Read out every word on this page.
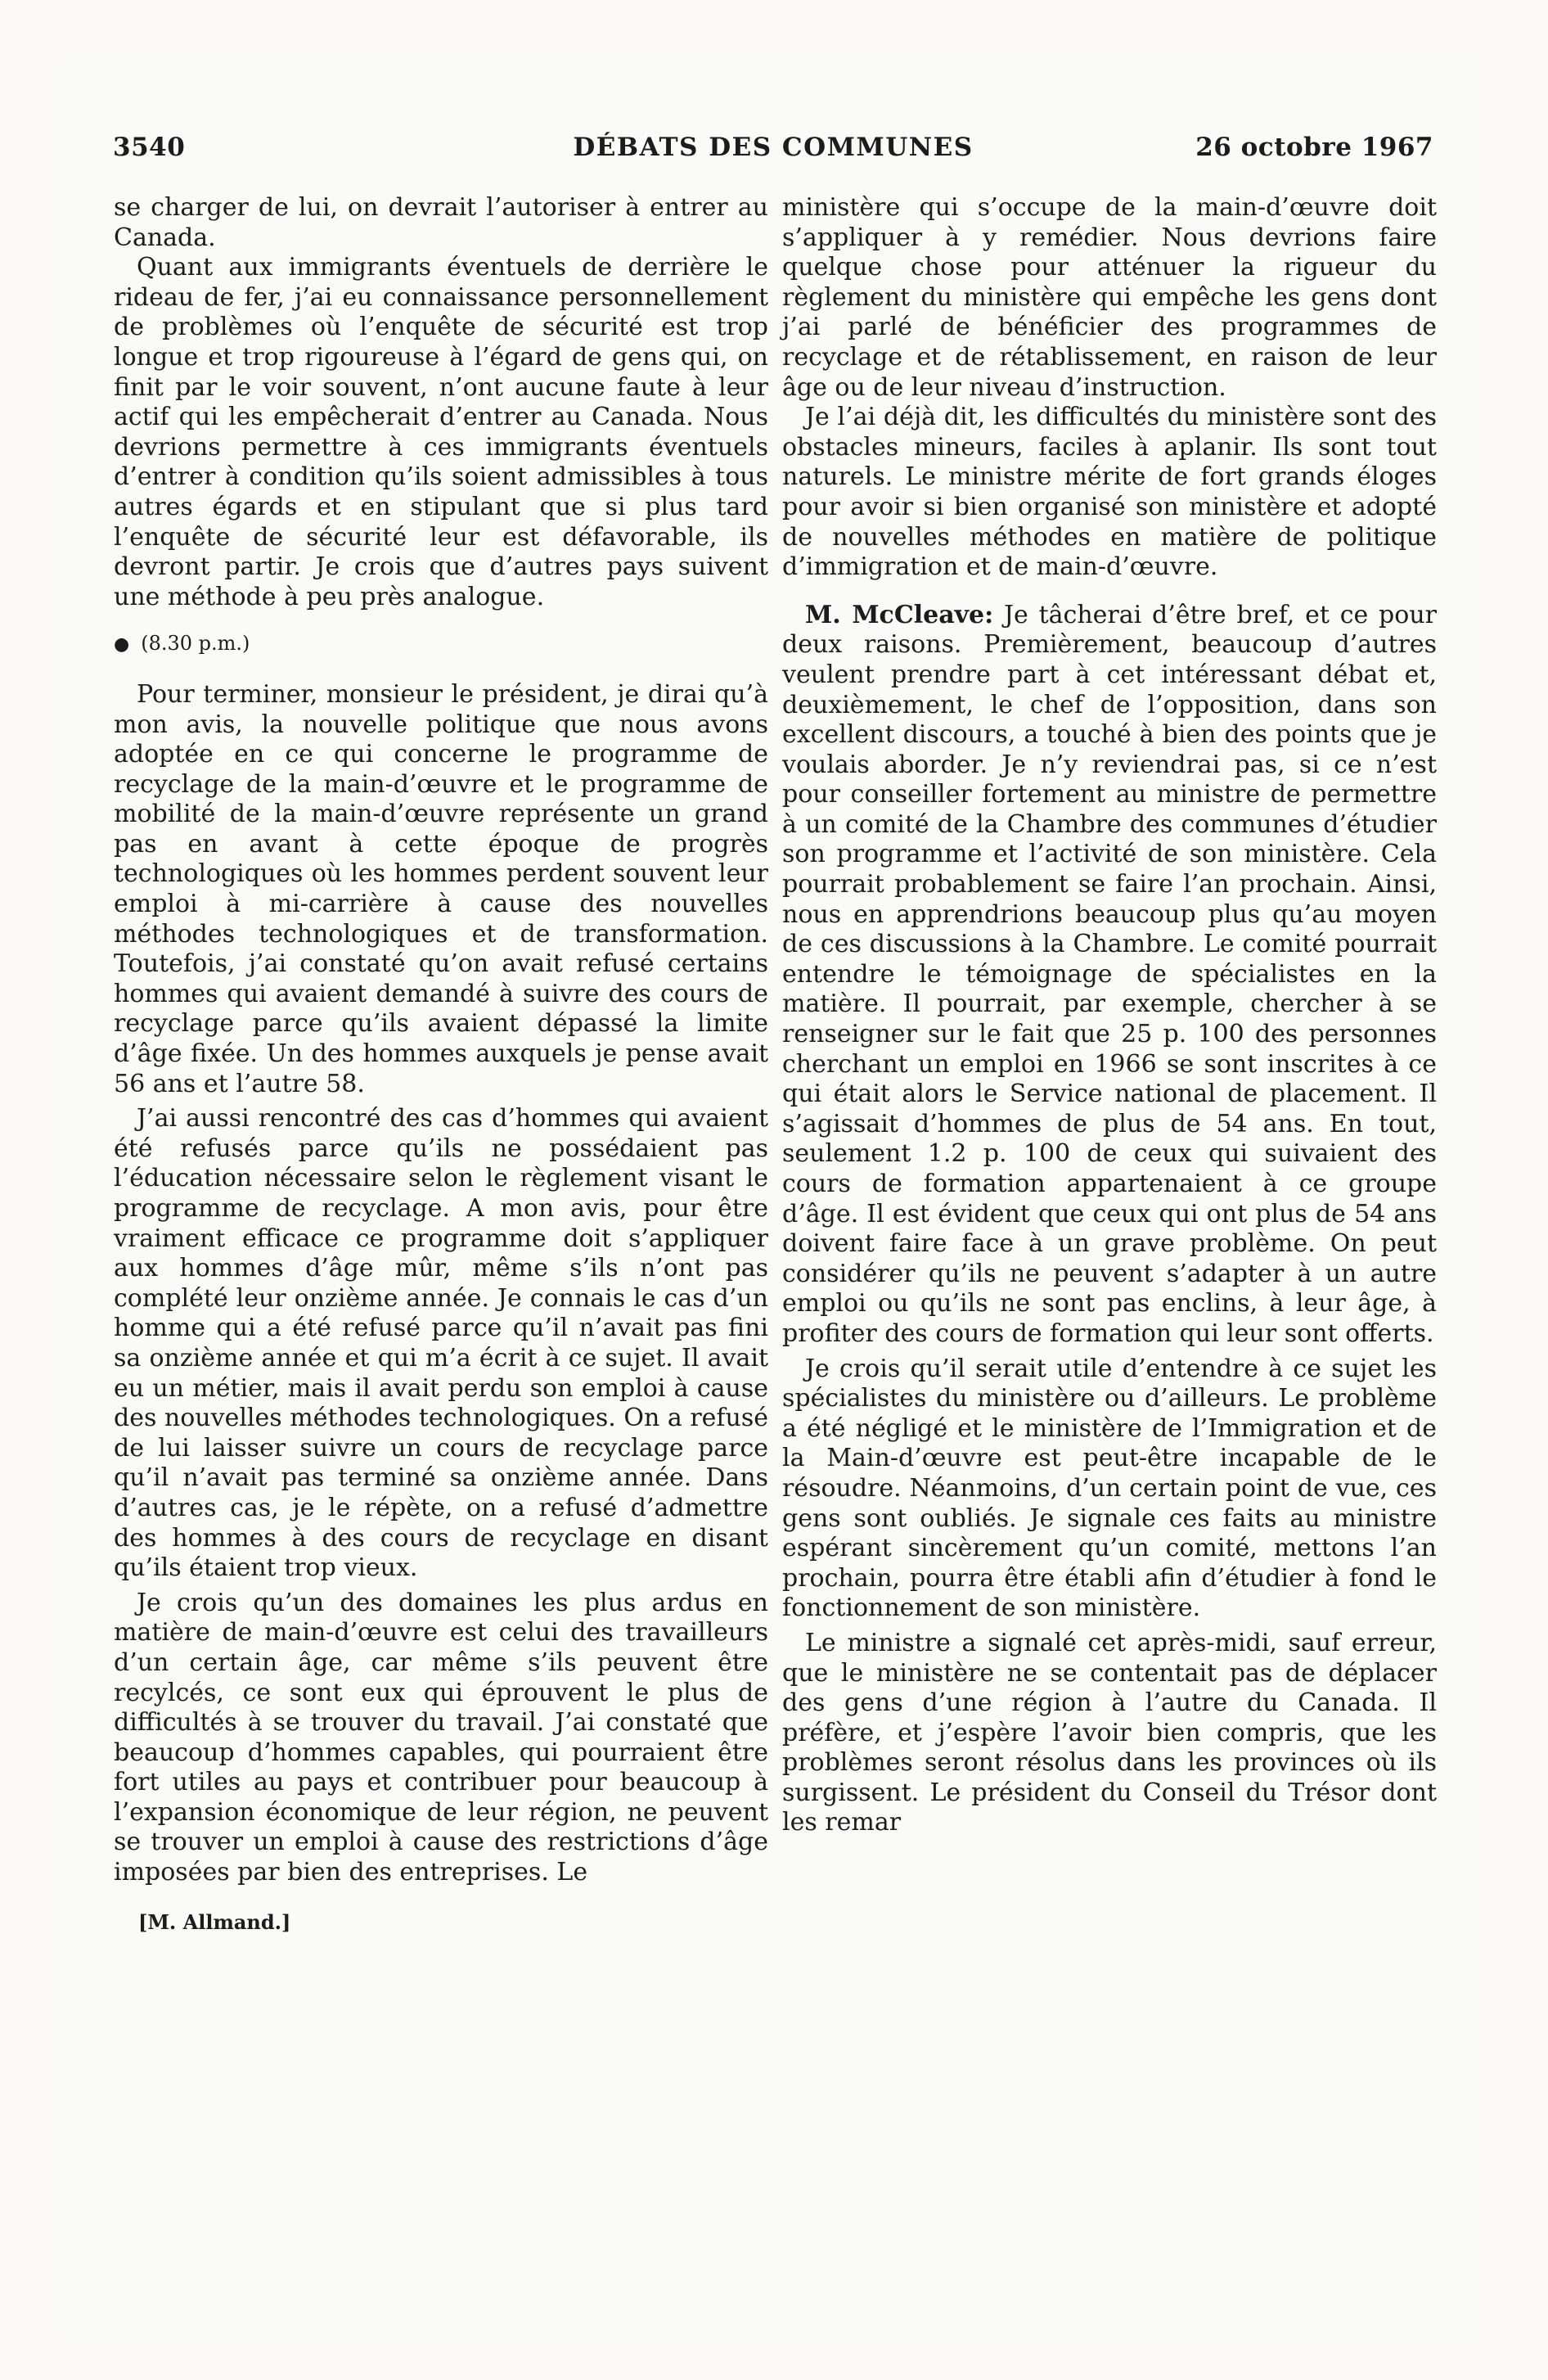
3540	DÉBATS DES COMMUNES	26 octobre 1967

se charger de lui, on devrait l’autoriser à entrer au Canada.

Quant aux immigrants éventuels de derrière le rideau de fer, j’ai eu connaissance personnellement de problèmes où l’enquête de sécurité est trop longue et trop rigoureuse à l’égard de gens qui, on finit par le voir souvent, n’ont aucune faute à leur actif qui les empêcherait d’entrer au Canada. Nous devrions permettre à ces immigrants éventuels d’entrer à condition qu’ils soient admissibles à tous autres égards et en stipulant que si plus tard l’enquête de sécurité leur est défavorable, ils devront partir. Je crois que d’autres pays suivent une méthode à peu près analogue.

● (8.30 p.m.)

Pour terminer, monsieur le président, je dirai qu’à mon avis, la nouvelle politique que nous avons adoptée en ce qui concerne le programme de recyclage de la main-d’œuvre et le programme de mobilité de la main-d’œuvre représente un grand pas en avant à cette époque de progrès technologiques où les hommes perdent souvent leur emploi à mi-carrière à cause des nouvelles méthodes technologiques et de transformation. Toutefois, j’ai constaté qu’on avait refusé certains hommes qui avaient demandé à suivre des cours de recyclage parce qu’ils avaient dépassé la limite d’âge fixée. Un des hommes auxquels je pense avait 56 ans et l’autre 58.

J’ai aussi rencontré des cas d’hommes qui avaient été refusés parce qu’ils ne possédaient pas l’éducation nécessaire selon le règlement visant le programme de recyclage. A mon avis, pour être vraiment efficace ce programme doit s’appliquer aux hommes d’âge mûr, même s’ils n’ont pas complété leur onzième année. Je connais le cas d’un homme qui a été refusé parce qu’il n’avait pas fini sa onzième année et qui m’a écrit à ce sujet. Il avait eu un métier, mais il avait perdu son emploi à cause des nouvelles méthodes technologiques. On a refusé de lui laisser suivre un cours de recyclage parce qu’il n’avait pas terminé sa onzième année. Dans d’autres cas, je le répète, on a refusé d’admettre des hommes à des cours de recyclage en disant qu’ils étaient trop vieux.

Je crois qu’un des domaines les plus ardus en matière de main-d’œuvre est celui des travailleurs d’un certain âge, car même s’ils peuvent être recylcés, ce sont eux qui éprouvent le plus de difficultés à se trouver du travail. J’ai constaté que beaucoup d’hommes capables, qui pourraient être fort utiles au pays et contribuer pour beaucoup à l’expansion économique de leur région, ne peuvent se trouver un emploi à cause des restrictions d’âge imposées par bien des entreprises. Le

[M. Allmand.]

ministère qui s’occupe de la main-d’œuvre doit s’appliquer à y remédier. Nous devrions faire quelque chose pour atténuer la rigueur du règlement du ministère qui empêche les gens dont j’ai parlé de bénéficier des programmes de recyclage et de rétablissement, en raison de leur âge ou de leur niveau d’instruction.

Je l’ai déjà dit, les difficultés du ministère sont des obstacles mineurs, faciles à aplanir. Ils sont tout naturels. Le ministre mérite de fort grands éloges pour avoir si bien organisé son ministère et adopté de nouvelles méthodes en matière de politique d’immigration et de main-d’œuvre.

M. McCleave: Je tâcherai d’être bref, et ce pour deux raisons. Premièrement, beaucoup d’autres veulent prendre part à cet intéressant débat et, deuxièmement, le chef de l’opposition, dans son excellent discours, a touché à bien des points que je voulais aborder. Je n’y reviendrai pas, si ce n’est pour conseiller fortement au ministre de permettre à un comité de la Chambre des communes d’étudier son programme et l’activité de son ministère. Cela pourrait probablement se faire l’an prochain. Ainsi, nous en apprendrions beaucoup plus qu’au moyen de ces discussions à la Chambre. Le comité pourrait entendre le témoignage de spécialistes en la matière. Il pourrait, par exemple, chercher à se renseigner sur le fait que 25 p. 100 des personnes cherchant un emploi en 1966 se sont inscrites à ce qui était alors le Service national de placement. Il s’agissait d’hommes de plus de 54 ans. En tout, seulement 1.2 p. 100 de ceux qui suivaient des cours de formation appartenaient à ce groupe d’âge. Il est évident que ceux qui ont plus de 54 ans doivent faire face à un grave problème. On peut considérer qu’ils ne peuvent s’adapter à un autre emploi ou qu’ils ne sont pas enclins, à leur âge, à profiter des cours de formation qui leur sont offerts.

Je crois qu’il serait utile d’entendre à ce sujet les spécialistes du ministère ou d’ailleurs. Le problème a été négligé et le ministère de l’Immigration et de la Main-d’œuvre est peut-être incapable de le résoudre. Néanmoins, d’un certain point de vue, ces gens sont oubliés. Je signale ces faits au ministre espérant sincèrement qu’un comité, mettons l’an prochain, pourra être établi afin d’étudier à fond le fonctionnement de son ministère.

Le ministre a signalé cet après-midi, sauf erreur, que le ministère ne se contentait pas de déplacer des gens d’une région à l’autre du Canada. Il préfère, et j’espère l’avoir bien compris, que les problèmes seront résolus dans les provinces où ils surgissent. Le président du Conseil du Trésor dont les remar
